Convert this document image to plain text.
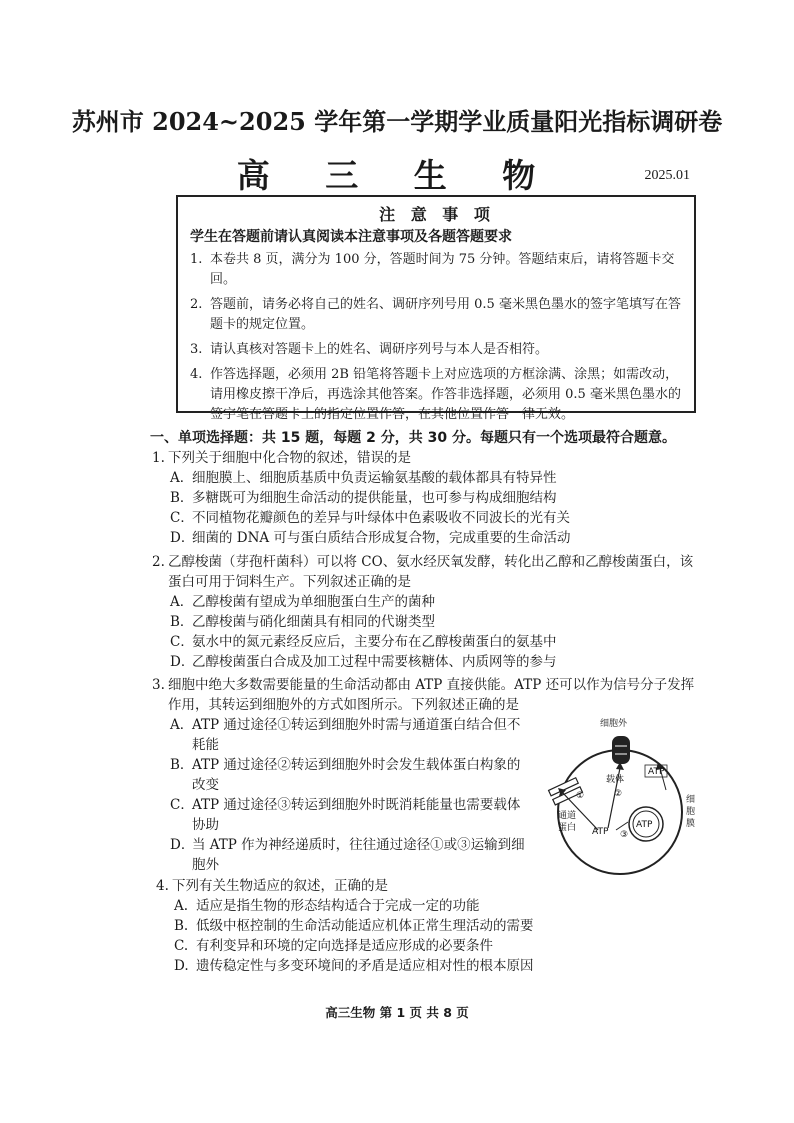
苏州市 2024~2025 学年第一学期学业质量阳光指标调研卷
高 三 生 物	2025.01
注 意 事 项
学生在答题前请认真阅读本注意事项及各题答题要求
1. 本卷共 8 页，满分为 100 分，答题时间为 75 分钟。答题结束后，请将答题卡交回。
2. 答题前，请务必将自己的姓名、调研序列号用 0.5 毫米黑色墨水的签字笔填写在答题卡的规定位置。
3. 请认真核对答题卡上的姓名、调研序列号与本人是否相符。
4. 作答选择题，必须用 2B 铅笔将答题卡上对应选项的方框涂满、涂黑；如需改动，请用橡皮擦干净后，再选涂其他答案。作答非选择题，必须用 0.5 毫米黑色墨水的签字笔在答题卡上的指定位置作答，在其他位置作答一律无效。
一、单项选择题：共 15 题，每题 2 分，共 30 分。每题只有一个选项最符合题意。
1. 下列关于细胞中化合物的叙述，错误的是
A．
细胞膜上、细胞质基质中负责运输氨基酸的载体都具有特异性
B．
多糖既可为细胞生命活动的提供能量，也可参与构成细胞结构
C．
不同植物花瓣颜色的差异与叶绿体中色素吸收不同波长的光有关
D．
细菌的 DNA 可与蛋白质结合形成复合物，完成重要的生命活动
2. 乙醇梭菌（芽孢杆菌科）可以将 CO、氨水经厌氧发酵，转化出乙醇和乙醇梭菌蛋白，该蛋白可用于饲料生产。下列叙述正确的是
A．
乙醇梭菌有望成为单细胞蛋白生产的菌种
B．
乙醇梭菌与硝化细菌具有相同的代谢类型
C．
氨水中的氮元素经反应后，主要分布在乙醇梭菌蛋白的氨基中
D．
乙醇梭菌蛋白合成及加工过程中需要核糖体、内质网等的参与
3. 细胞中绝大多数需要能量的生命活动都由 ATP 直接供能。ATP 还可以作为信号分子发挥作用，其转运到细胞外的方式如图所示。下列叙述正确的是
A．
ATP 通过途径①转运到细胞外时需与通道蛋白结合但不耗能
B．
ATP 通过途径②转运到细胞外时会发生载体蛋白构象的改变
C．
ATP 通过途径③转运到细胞外时既消耗能量也需要载体协助
D．
当 ATP 作为神经递质时，往往通过途径①或③运输到细胞外
细胞外
细
胞
膜
载体
②
①
通道
蛋白 ATP ③
ATP
ATP
4. 下列有关生物适应的叙述，正确的是
A. 适应是指生物的形态结构适合于完成一定的功能
B. 低级中枢控制的生命活动能适应机体正常生理活动的需要
C. 有利变异和环境的定向选择是适应形成的必要条件
D. 遗传稳定性与多变环境间的矛盾是适应相对性的根本原因
高三生物 第 1 页 共 8 页
